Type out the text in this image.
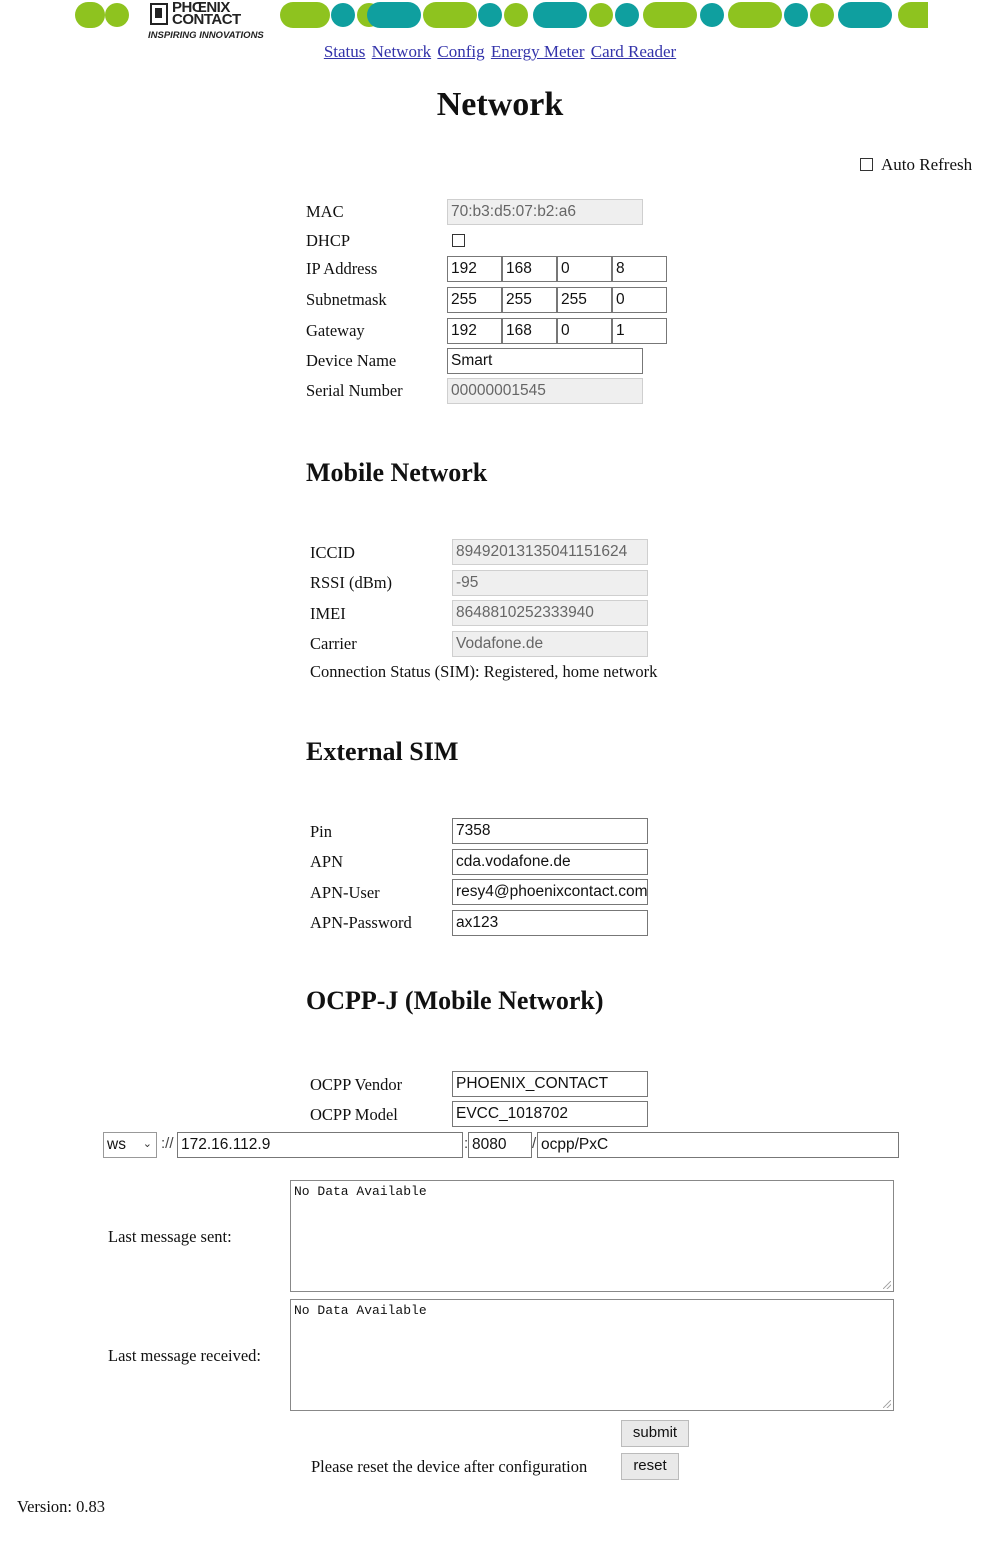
PHŒNIX
CONTACT
INSPIRING INNOVATIONS
Status Network Config Energy Meter Card Reader
Network
Auto Refresh
MAC	70:b3:d5:07:b2:a6
DHCP
IP Address	192	168	0	8
Subnetmask	255	255	255	0
Gateway	192	168	0	1
Device Name	Smart
Serial Number	00000001545
Mobile Network
ICCID	89492013135041151624
RSSI (dBm)	-95
IMEI	8648810252333940
Carrier	Vodafone.de
Connection Status (SIM): Registered, home network
External SIM
Pin	7358
APN	cda.vodafone.de
APN-User	resy4@phoenixcontact.com
APN-Password	ax123
OCPP-J (Mobile Network)
OCPP Vendor	PHOENIX_CONTACT
OCPP Model	EVCC_1018702
ws ⌄ :// 172.16.112.9	: 8080	/ ocpp/PxC
Last message sent:
No Data Available
Last message received:
No Data Available
submit
Please reset the device after configuration	reset
Version: 0.83
